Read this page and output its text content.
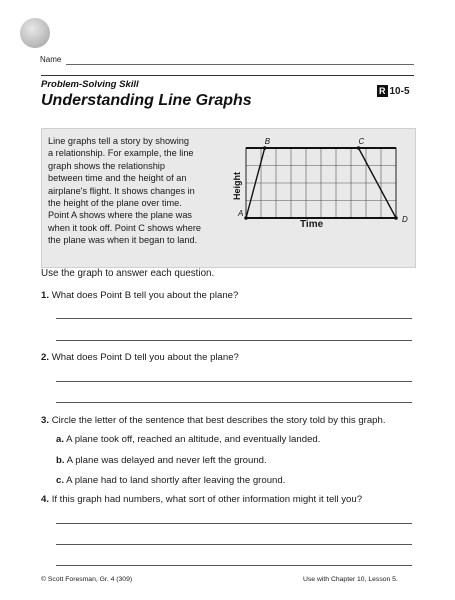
Name
Problem-Solving Skill
Understanding Line Graphs
R 10-5
Line graphs tell a story by showing
a relationship. For example, the line
graph shows the relationship
between time and the height of an
airplane's flight. It shows changes in
the height of the plane over time.
Point A shows where the plane was
when it took off. Point C shows where
the plane was when it began to land.
A
B	C
D
Height
Time
Use the graph to answer each question.
1. What does Point B tell you about the plane?
2. What does Point D tell you about the plane?
3. Circle the letter of the sentence that best describes the story told by this graph.
a. A plane took off, reached an altitude, and eventually landed.
b. A plane was delayed and never left the ground.
c. A plane had to land shortly after leaving the ground.
4. If this graph had numbers, what sort of other information might it tell you?
© Scott Foresman, Gr. 4 (309)	Use with Chapter 10, Lesson 5.
